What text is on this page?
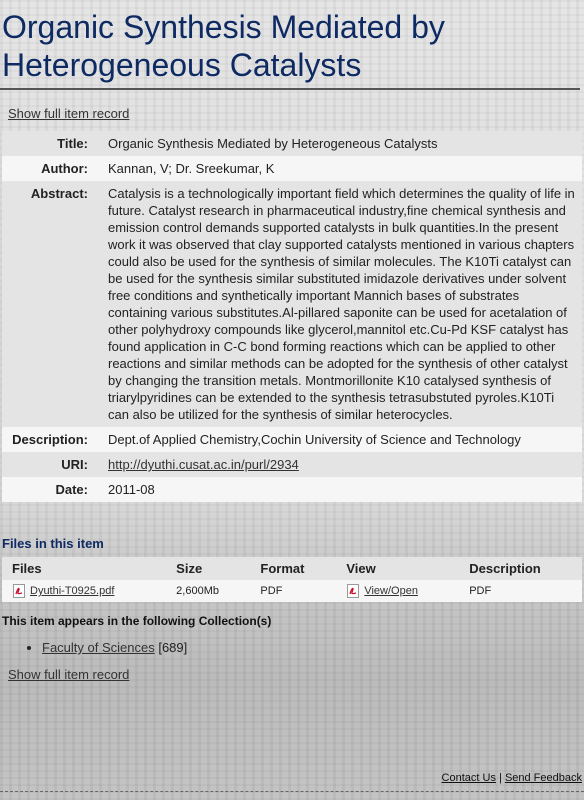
Organic Synthesis Mediated by Heterogeneous Catalysts
Show full item record
Title:	Organic Synthesis Mediated by Heterogeneous Catalysts
Author:	Kannan, V; Dr. Sreekumar, K
Abstract:	Catalysis is a technologically important field which determines the quality of life in future. Catalyst research in pharmaceutical industry,fine chemical synthesis and emission control demands supported catalysts in bulk quantities.In the present work it was observed that clay supported catalysts mentioned in various chapters could also be used for the synthesis of similar molecules. The K10Ti catalyst can be used for the synthesis similar substituted imidazole derivatives under solvent free conditions and synthetically important Mannich bases of substrates containing various substitutes.Al-pillared saponite can be used for acetalation of other polyhydroxy compounds like glycerol,mannitol etc.Cu-Pd KSF catalyst has found application in C-C bond forming reactions which can be applied to other reactions and similar methods can be adopted for the synthesis of other catalyst by changing the transition metals. Montmorillonite K10 catalysed synthesis of triarylpyridines can be extended to the synthesis tetrasubstuted pyroles.K10Ti can also be utilized for the synthesis of similar heterocycles.
Description:	Dept.of Applied Chemistry,Cochin University of Science and Technology
URI:	http://dyuthi.cusat.ac.in/purl/2934
Date:	2011-08
Files in this item
Files	Size	Format	View	Description
Dyuthi-T0925.pdf	2,600Mb	PDF	View/Open	PDF
This item appears in the following Collection(s)
• Faculty of Sciences [689]
Show full item record
Contact Us | Send Feedback
